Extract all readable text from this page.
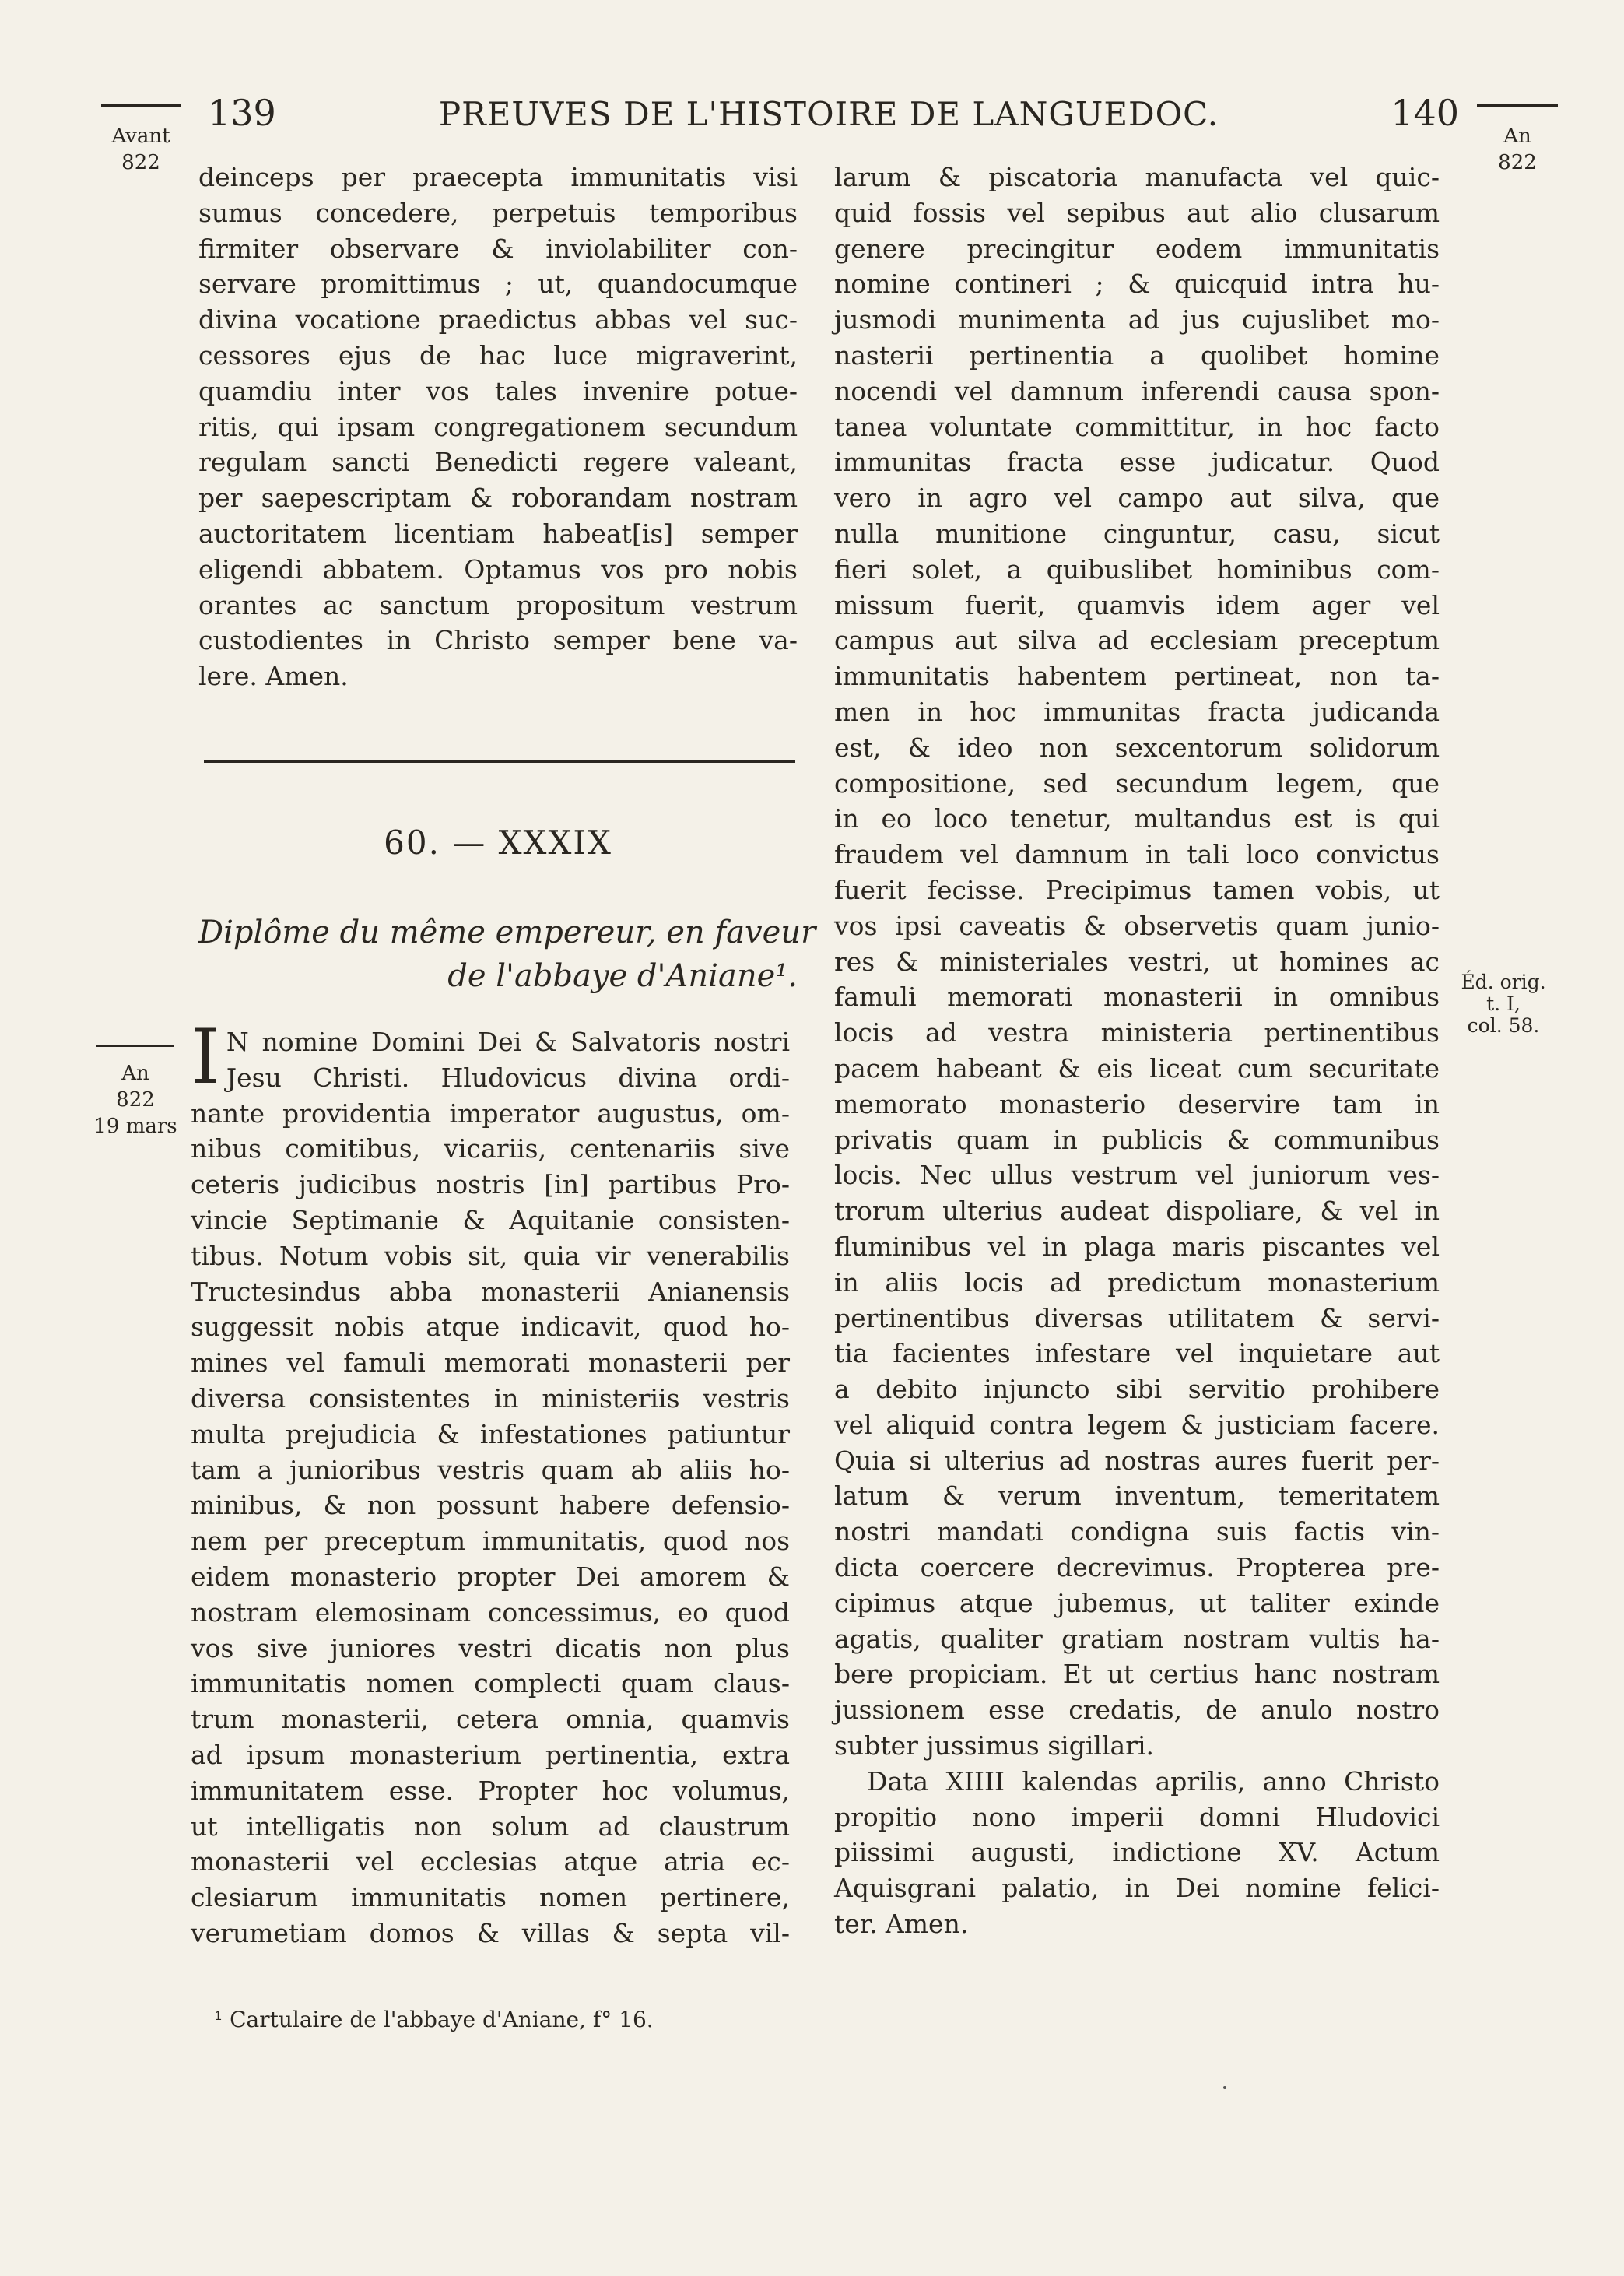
139	PREUVES DE L'HISTOIRE DE LANGUEDOC.	140
Avant
822
An
822
An
822
19 mars
Éd. orig.
t. I,
col. 58.
deinceps per praecepta immunitatis visi
sumus concedere, perpetuis temporibus
firmiter observare & inviolabiliter con-
servare promittimus ; ut, quandocumque
divina vocatione praedictus abbas vel suc-
cessores ejus de hac luce migraverint,
quamdiu inter vos tales invenire potue-
ritis, qui ipsam congregationem secundum
regulam sancti Benedicti regere valeant,
per saepescriptam & roborandam nostram
auctoritatem licentiam habeat[is] semper
eligendi abbatem. Optamus vos pro nobis
orantes ac sanctum propositum vestrum
custodientes in Christo semper bene va-
lere. Amen.
60. — XXXIX
Diplôme du même empereur, en faveur
de l'abbaye d'Aniane¹.
I N nomine Domini Dei & Salvatoris nostri
Jesu Christi. Hludovicus divina ordi-
nante providentia imperator augustus, om-
nibus comitibus, vicariis, centenariis sive
ceteris judicibus nostris [in] partibus Pro-
vincie Septimanie & Aquitanie consisten-
tibus. Notum vobis sit, quia vir venerabilis
Tructesindus abba monasterii Anianensis
suggessit nobis atque indicavit, quod ho-
mines vel famuli memorati monasterii per
diversa consistentes in ministeriis vestris
multa prejudicia & infestationes patiuntur
tam a junioribus vestris quam ab aliis ho-
minibus, & non possunt habere defensio-
nem per preceptum immunitatis, quod nos
eidem monasterio propter Dei amorem &
nostram elemosinam concessimus, eo quod
vos sive juniores vestri dicatis non plus
immunitatis nomen complecti quam claus-
trum monasterii, cetera omnia, quamvis
ad ipsum monasterium pertinentia, extra
immunitatem esse. Propter hoc volumus,
ut intelligatis non solum ad claustrum
monasterii vel ecclesias atque atria ec-
clesiarum immunitatis nomen pertinere,
verumetiam domos & villas & septa vil-
larum & piscatoria manufacta vel quic-
quid fossis vel sepibus aut alio clusarum
genere precingitur eodem immunitatis
nomine contineri ; & quicquid intra hu-
jusmodi munimenta ad jus cujuslibet mo-
nasterii pertinentia a quolibet homine
nocendi vel damnum inferendi causa spon-
tanea voluntate committitur, in hoc facto
immunitas fracta esse judicatur. Quod
vero in agro vel campo aut silva, que
nulla munitione cinguntur, casu, sicut
fieri solet, a quibuslibet hominibus com-
missum fuerit, quamvis idem ager vel
campus aut silva ad ecclesiam preceptum
immunitatis habentem pertineat, non ta-
men in hoc immunitas fracta judicanda
est, & ideo non sexcentorum solidorum
compositione, sed secundum legem, que
in eo loco tenetur, multandus est is qui
fraudem vel damnum in tali loco convictus
fuerit fecisse. Precipimus tamen vobis, ut
vos ipsi caveatis & observetis quam junio-
res & ministeriales vestri, ut homines ac
famuli memorati monasterii in omnibus
locis ad vestra ministeria pertinentibus
pacem habeant & eis liceat cum securitate
memorato monasterio deservire tam in
privatis quam in publicis & communibus
locis. Nec ullus vestrum vel juniorum ves-
trorum ulterius audeat dispoliare, & vel in
fluminibus vel in plaga maris piscantes vel
in aliis locis ad predictum monasterium
pertinentibus diversas utilitatem & servi-
tia facientes infestare vel inquietare aut
a debito injuncto sibi servitio prohibere
vel aliquid contra legem & justiciam facere.
Quia si ulterius ad nostras aures fuerit per-
latum & verum inventum, temeritatem
nostri mandati condigna suis factis vin-
dicta coercere decrevimus. Propterea pre-
cipimus atque jubemus, ut taliter exinde
agatis, qualiter gratiam nostram vultis ha-
bere propiciam. Et ut certius hanc nostram
jussionem esse credatis, de anulo nostro
subter jussimus sigillari.
Data XIIII kalendas aprilis, anno Christo
propitio nono imperii domni Hludovici
piissimi augusti, indictione XV. Actum
Aquisgrani palatio, in Dei nomine felici-
ter. Amen.
¹ Cartulaire de l'abbaye d'Aniane, f° 16.
